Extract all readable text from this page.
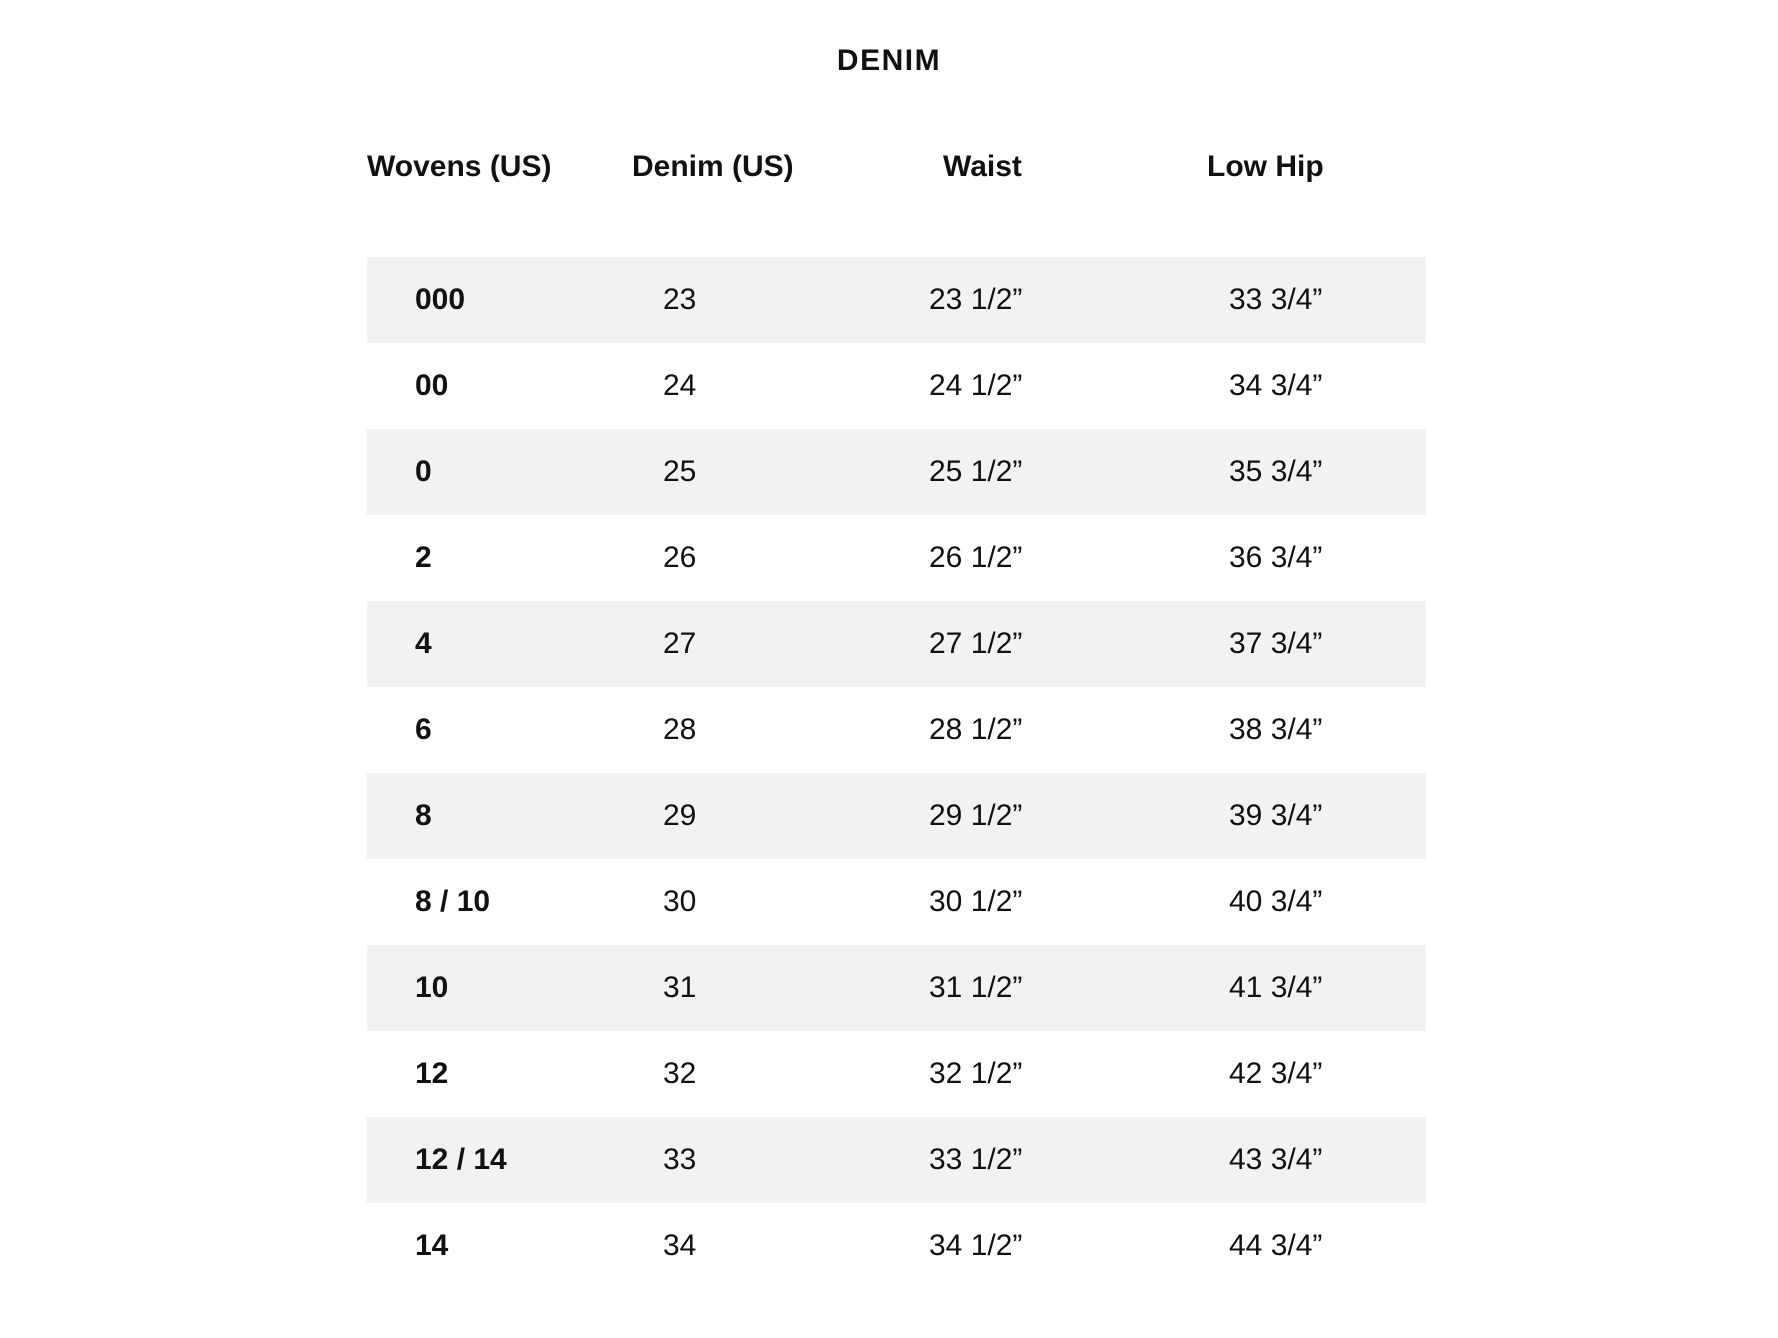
DENIM
Wovens (US)	Denim (US)	Waist	Low Hip
000	23	23 1/2”	33 3/4”
00	24	24 1/2”	34 3/4”
0	25	25 1/2”	35 3/4”
2	26	26 1/2”	36 3/4”
4	27	27 1/2”	37 3/4”
6	28	28 1/2”	38 3/4”
8	29	29 1/2”	39 3/4”
8 / 10	30	30 1/2”	40 3/4”
10	31	31 1/2”	41 3/4”
12	32	32 1/2”	42 3/4”
12 / 14	33	33 1/2”	43 3/4”
14	34	34 1/2”	44 3/4”
